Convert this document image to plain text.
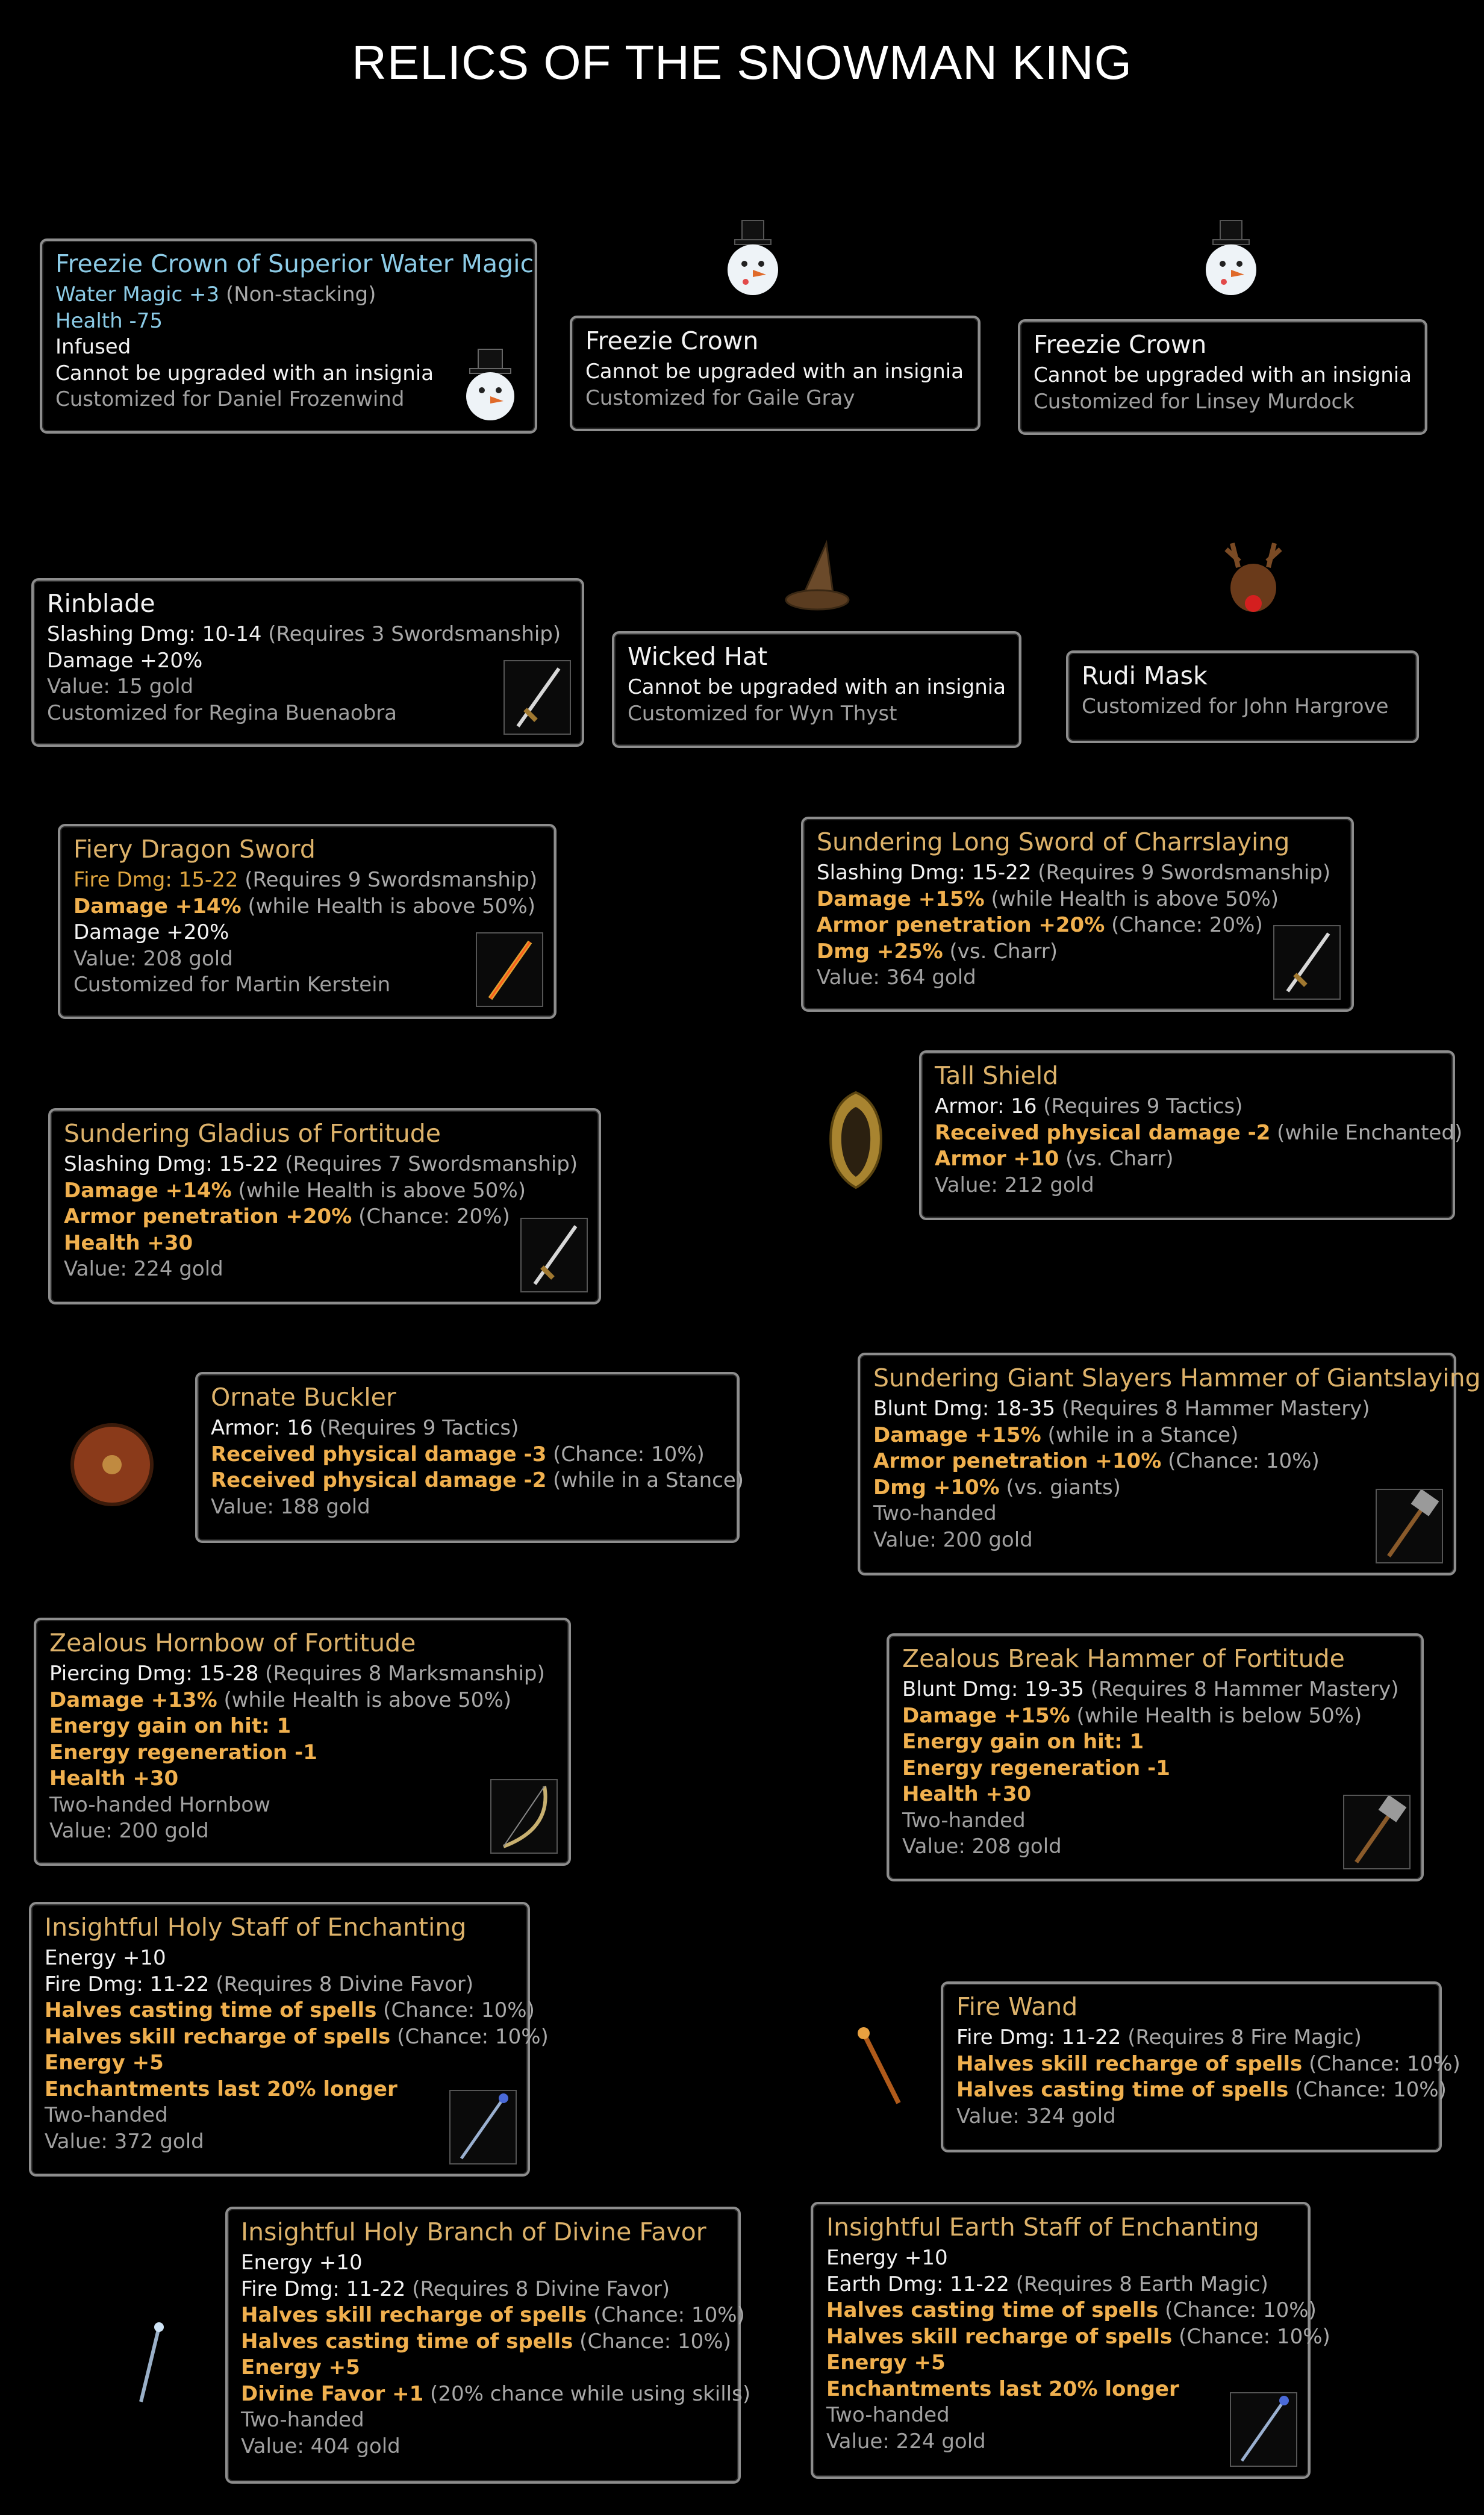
RELICS OF THE SNOWMAN KING
Freezie Crown of Superior Water Magic
Water Magic +3 (Non-stacking)
Health -75
Infused
Cannot be upgraded with an insignia
Customized for Daniel Frozenwind
Freezie Crown
Cannot be upgraded with an insignia
Customized for Gaile Gray
Freezie Crown
Cannot be upgraded with an insignia
Customized for Linsey Murdock
Rinblade
Slashing Dmg: 10-14 (Requires 3 Swordsmanship)
Damage +20%
Value: 15 gold
Customized for Regina Buenaobra
Wicked Hat
Cannot be upgraded with an insignia
Customized for Wyn Thyst
Rudi Mask
Customized for John Hargrove
Fiery Dragon Sword
Fire Dmg: 15-22 (Requires 9 Swordsmanship)
Damage +14% (while Health is above 50%)
Damage +20%
Value: 208 gold
Customized for Martin Kerstein
Sundering Long Sword of Charrslaying
Slashing Dmg: 15-22 (Requires 9 Swordsmanship)
Damage +15% (while Health is above 50%)
Armor penetration +20% (Chance: 20%)
Dmg +25% (vs. Charr)
Value: 364 gold
Tall Shield
Armor: 16 (Requires 9 Tactics)
Received physical damage -2 (while Enchanted)
Armor +10 (vs. Charr)
Value: 212 gold
Sundering Gladius of Fortitude
Slashing Dmg: 15-22 (Requires 7 Swordsmanship)
Damage +14% (while Health is above 50%)
Armor penetration +20% (Chance: 20%)
Health +30
Value: 224 gold
Ornate Buckler
Armor: 16 (Requires 9 Tactics)
Received physical damage -3 (Chance: 10%)
Received physical damage -2 (while in a Stance)
Value: 188 gold
Sundering Giant Slayers Hammer of Giantslaying
Blunt Dmg: 18-35 (Requires 8 Hammer Mastery)
Damage +15% (while in a Stance)
Armor penetration +10% (Chance: 10%)
Dmg +10% (vs. giants)
Two-handed
Value: 200 gold
Zealous Hornbow of Fortitude
Piercing Dmg: 15-28 (Requires 8 Marksmanship)
Damage +13% (while Health is above 50%)
Energy gain on hit: 1
Energy regeneration -1
Health +30
Two-handed Hornbow
Value: 200 gold
Zealous Break Hammer of Fortitude
Blunt Dmg: 19-35 (Requires 8 Hammer Mastery)
Damage +15% (while Health is below 50%)
Energy gain on hit: 1
Energy regeneration -1
Health +30
Two-handed
Value: 208 gold
Insightful Holy Staff of Enchanting
Energy +10
Fire Dmg: 11-22 (Requires 8 Divine Favor)
Halves casting time of spells (Chance: 10%)
Halves skill recharge of spells (Chance: 10%)
Energy +5
Enchantments last 20% longer
Two-handed
Value: 372 gold
Fire Wand
Fire Dmg: 11-22 (Requires 8 Fire Magic)
Halves skill recharge of spells (Chance: 10%)
Halves casting time of spells (Chance: 10%)
Value: 324 gold
Insightful Holy Branch of Divine Favor
Energy +10
Fire Dmg: 11-22 (Requires 8 Divine Favor)
Halves skill recharge of spells (Chance: 10%)
Halves casting time of spells (Chance: 10%)
Energy +5
Divine Favor +1 (20% chance while using skills)
Two-handed
Value: 404 gold
Insightful Earth Staff of Enchanting
Energy +10
Earth Dmg: 11-22 (Requires 8 Earth Magic)
Halves casting time of spells (Chance: 10%)
Halves skill recharge of spells (Chance: 10%)
Energy +5
Enchantments last 20% longer
Two-handed
Value: 224 gold
